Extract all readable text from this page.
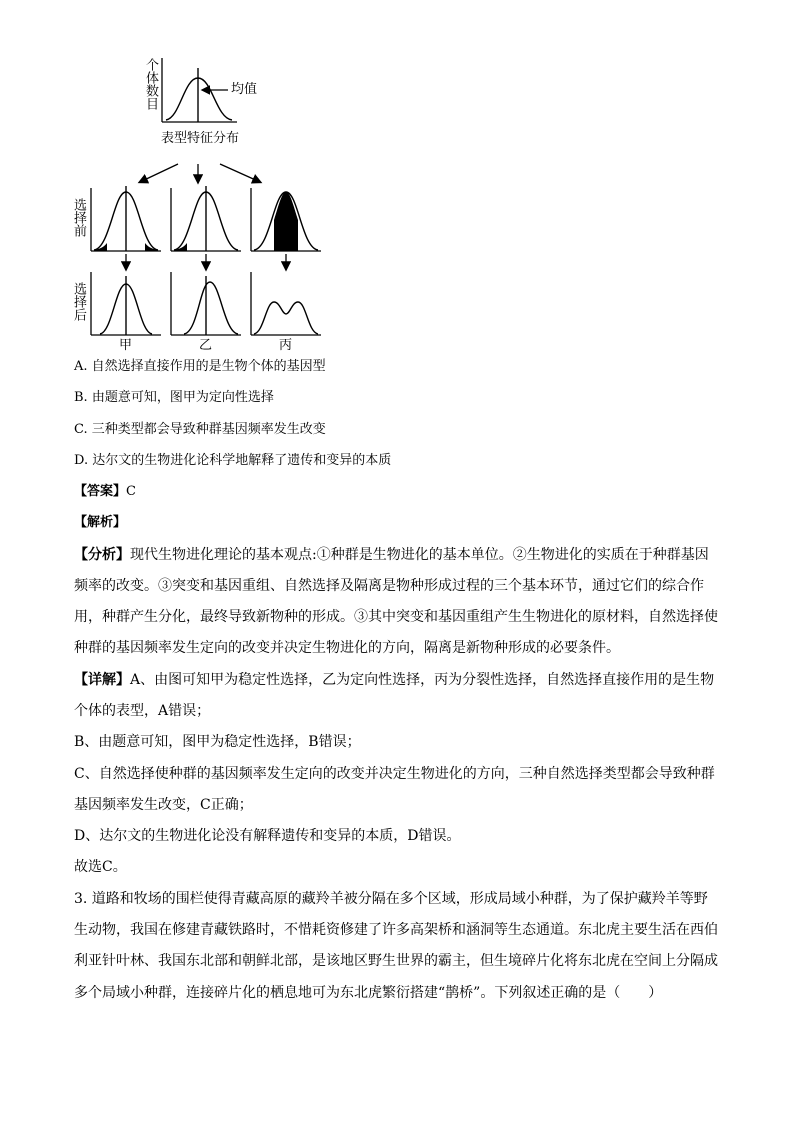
个体数目	均值
表型特征分布
选择前
选择后
甲	乙	丙
A. 自然选择直接作用的是生物个体的基因型
B. 由题意可知，图甲为定向性选择
C. 三种类型都会导致种群基因频率发生改变
D. 达尔文的生物进化论科学地解释了遗传和变异的本质
【答案】C
【解析】
【分析】现代生物进化理论的基本观点:①种群是生物进化的基本单位。②生物进化的实质在于种群基因
频率的改变。③突变和基因重组、自然选择及隔离是物种形成过程的三个基本环节，通过它们的综合作
用，种群产生分化，最终导致新物种的形成。③其中突变和基因重组产生生物进化的原材料，自然选择使
种群的基因频率发生定向的改变并决定生物进化的方向，隔离是新物种形成的必要条件。
【详解】A、由图可知甲为稳定性选择，乙为定向性选择，丙为分裂性选择，自然选择直接作用的是生物
个体的表型，A错误；
B、由题意可知，图甲为稳定性选择，B错误；
C、自然选择使种群的基因频率发生定向的改变并决定生物进化的方向，三种自然选择类型都会导致种群
基因频率发生改变，C正确；
D、达尔文的生物进化论没有解释遗传和变异的本质，D错误。
故选C。
3. 道路和牧场的围栏使得青藏高原的藏羚羊被分隔在多个区域，形成局域小种群，为了保护藏羚羊等野
生动物，我国在修建青藏铁路时，不惜耗资修建了许多高架桥和涵洞等生态通道。东北虎主要生活在西伯
利亚针叶林、我国东北部和朝鲜北部，是该地区野生世界的霸主，但生境碎片化将东北虎在空间上分隔成
多个局域小种群，连接碎片化的栖息地可为东北虎繁衍搭建“鹊桥”。下列叙述正确的是（　　）
